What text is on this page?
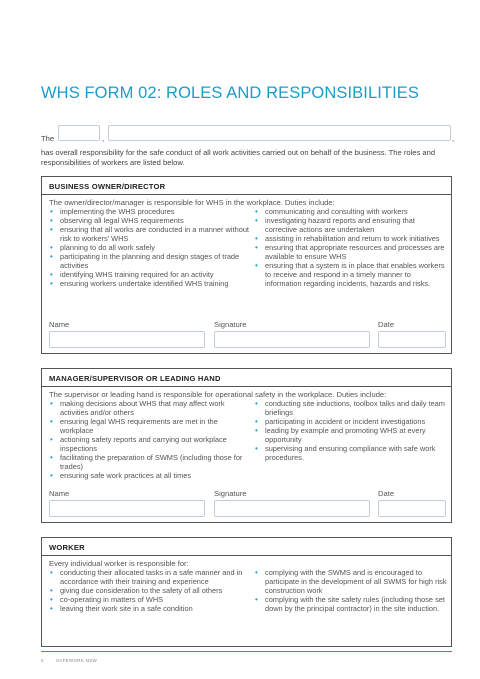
WHS FORM 02: ROLES AND RESPONSIBILITIES
The	,	,
has overall responsibility for the safe conduct of all work activities carried out on behalf of the business. The roles and responsibilities of workers are listed below.
BUSINESS OWNER/DIRECTOR
The owner/director/manager is responsible for WHS in the workplace. Duties include:
• implementing the WHS procedures
• observing all legal WHS requirements
• ensuring that all works are conducted in a manner without risk to workers' WHS
• planning to do all work safely
• participating in the planning and design stages of trade activities
• identifying WHS training required for an activity
• ensuring workers undertake identified WHS training
• communicating and consulting with workers
• investigating hazard reports and ensuring that corrective actions are undertaken
• assisting in rehabilitation and return to work initiatives
• ensuring that appropriate resources and processes are available to ensure WHS
• ensuring that a system is in place that enables workers to receive and respond in a timely manner to information regarding incidents, hazards and risks.
Name	Signature	Date
MANAGER/SUPERVISOR OR LEADING HAND
The supervisor or leading hand is responsible for operational safety in the workplace. Duties include:
• making decisions about WHS that may affect work activities and/or others
• ensuring legal WHS requirements are met in the workplace
• actioning safety reports and carrying out workplace inspections
• facilitating the preparation of SWMS (including those for trades)
• ensuring safe work practices at all times
• conducting site inductions, toolbox talks and daily team briefings
• participating in accident or incident investigations
• leading by example and promoting WHS at every opportunity
• supervising and ensuring compliance with safe work procedures.
Name	Signature	Date
WORKER
Every individual worker is responsible for:
• conducting their allocated tasks in a safe manner and in accordance with their training and experience
• giving due consideration to the safety of all others
• co-operating in matters of WHS
• leaving their work site in a safe condition
• complying with the SWMS and is encouraged to participate in the development of all SWMS for high risk construction work
• complying with the site safety rules (including those set down by the principal contractor) in the site induction.
6	SAFEWORK NSW
